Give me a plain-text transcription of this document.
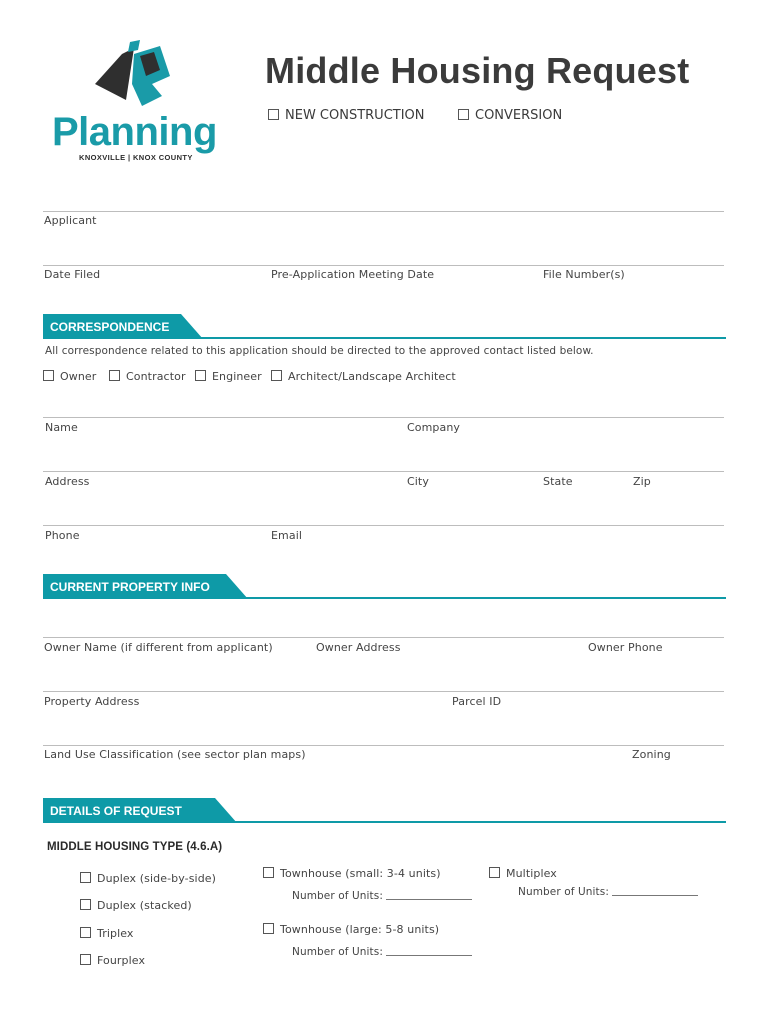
Planning
KNOXVILLE | KNOX COUNTY
Middle Housing Request
NEW CONSTRUCTION	CONVERSION
Applicant
Date Filed	Pre-Application Meeting Date	File Number(s)
CORRESPONDENCE
All correspondence related to this application should be directed to the approved contact listed below.
Owner	Contractor	Engineer	Architect/Landscape Architect
Name	Company
Address	City	State	Zip
Phone	Email
CURRENT PROPERTY INFO
Owner Name (if different from applicant)	Owner Address	Owner Phone
Property Address	Parcel ID
Land Use Classification (see sector plan maps)	Zoning
DETAILS OF REQUEST
MIDDLE HOUSING TYPE (4.6.A)
Duplex (side-by-side)
Duplex (stacked)
Triplex
Fourplex
Townhouse (small: 3-4 units)
Number of Units:
Townhouse (large: 5-8 units)
Number of Units:
Multiplex
Number of Units:
